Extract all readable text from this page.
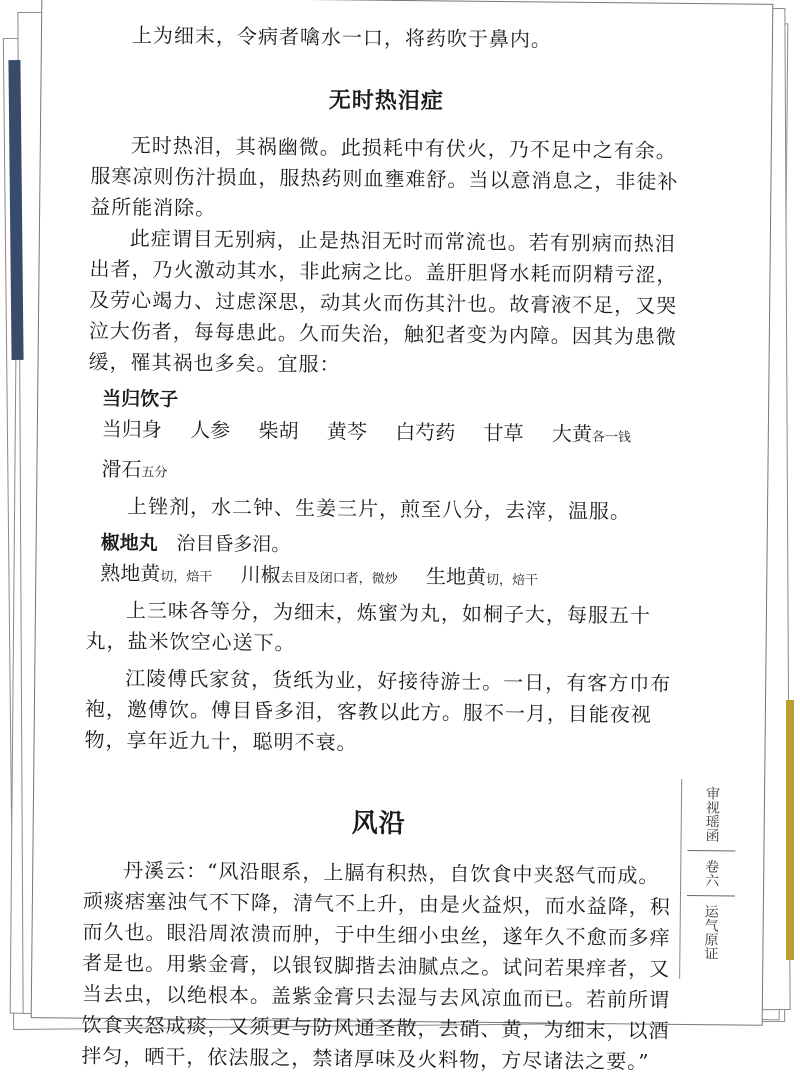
上为细末，令病者噙水一口，将药吹于鼻内。

无时热泪症

无时热泪，其祸幽微。此损耗中有伏火，乃不足中之有余。服寒凉则伤汁损血，服热药则血壅难舒。当以意消息之，非徒补益所能消除。

此症谓目无别病，止是热泪无时而常流也。若有别病而热泪出者，乃火激动其水，非此病之比。盖肝胆肾水耗而阴精亏涩，及劳心竭力、过虑深思，动其火而伤其汁也。故膏液不足，又哭泣大伤者，每每患此。久而失治，触犯者变为内障。因其为患微缓，罹其祸也多矣。宜服：

当归饮子
当归身 人参 柴胡 黄芩 白芍药 甘草 大黄各一钱 滑石五分

上锉剂，水二钟、生姜三片，煎至八分，去滓，温服。

椒地丸 治目昏多泪。
熟地黄切，焙干 川椒去目及闭口者，微炒 生地黄切，焙干

上三味各等分，为细末，炼蜜为丸，如桐子大，每服五十丸，盐米饮空心送下。

江陵傅氏家贫，货纸为业，好接待游士。一日，有客方巾布袍，邀傅饮。傅目昏多泪，客教以此方。服不一月，目能夜视物，享年近九十，聪明不衰。

风沿

丹溪云：“风沿眼系，上膈有积热，自饮食中夹怒气而成。顽痰痞塞浊气不下降，清气不上升，由是火益炽，而水益降，积而久也。眼沿周浓溃而肿，于中生细小虫丝，遂年久不愈而多痒者是也。用紫金膏，以银钗脚揩去油腻点之。试问若果痒者，又当去虫，以绝根本。盖紫金膏只去湿与去风凉血而已。若前所谓饮食夹怒成痰，又须更与防风通圣散，去硝、黄，为细末，以酒拌匀，晒干，依法服之，禁诸厚味及火料物，方尽诸法之要。”

审视瑶函
卷六
运气原证
